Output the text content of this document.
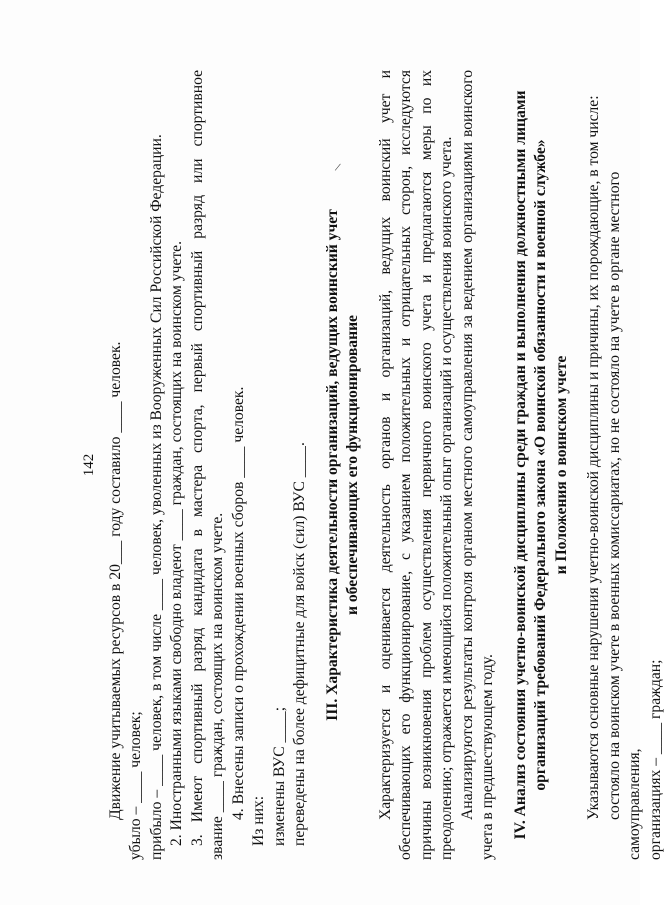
/
142 Движение учитываемых ресурсов в 20___ году составило ____ человек. убыло – ____ человек; прибыло – ____ человек, в том числе ____ человек, уволенных из Вооруженных Сил Российской Федерации. 2. Иностранными языками свободно владеют ____ граждан, состоящих на воинском учете. 3. Имеют спортивный разряд кандидата в мастера спорта, первый спортивный разряд или спортивное звание ____ граждан, состоящих на воинском учете. 4. Внесены записи о прохождении военных сборов ____ человек.

Из них: изменены ВУС ____; переведены на более дефицитные для войск (сил) ВУС ____. III. Характеристика деятельности организаций, ведущих воинский учет и обеспечивающих его функционирование Характеризуется и оценивается деятельность органов и организаций, ведущих воинский учет и обеспечивающих его функционирование, с указанием положительных и отрицательных сторон, исследуются причины возникновения проблем осуществления первичного воинского учета и предлагаются меры по их преодолению; отражается имеющийся положительный опыт организаций и осуществления воинского учета. Анализируются результаты контроля органом местного самоуправления за ведением организациями воинского учета в предшествующем году. IV. Анализ состояния учетно-воинской дисциплины среди граждан и выполнения должностными лицами организаций требований Федерального закона «О воинской обязанности и военной службе» и Положения о воинском учете Указываются основные нарушения учетно-воинской дисциплины и причины, их порождающие, в том числе: состояло на воинском учете в военных комиссариатах, но не состояло на учете в органе местного самоуправления, организациях – ____ граждан;
